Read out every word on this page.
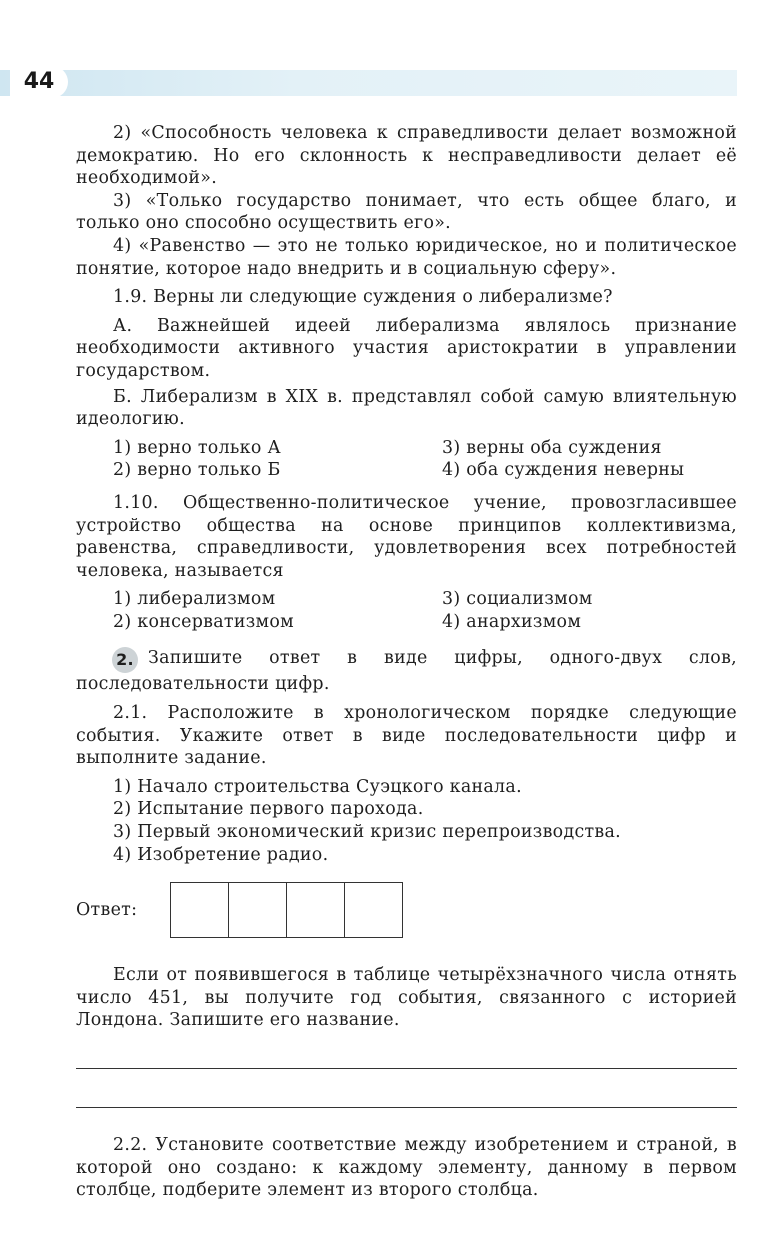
44

2) «Способность человека к справедливости делает возможной демократию. Но его склонность к несправедливости делает её необходимой».

3) «Только государство понимает, что есть общее благо, и только оно способно осуществить его».

4) «Равенство — это не только юридическое, но и политическое понятие, которое надо внедрить и в социальную сферу».

1.9. Верны ли следующие суждения о либерализме?

А. Важнейшей идеей либерализма являлось признание необходимости активного участия аристократии в управлении государством.

Б. Либерализм в XIX в. представлял собой самую влиятельную идеологию.

1) верно только А	3) верны оба суждения
2) верно только Б	4) оба суждения неверны

1.10. Общественно-политическое учение, провозгласившее устройство общества на основе принципов коллективизма, равенства, справедливости, удовлетворения всех потребностей человека, называется

1) либерализмом	3) социализмом
2) консерватизмом	4) анархизмом

2. Запишите ответ в виде цифры, одного-двух слов, последовательности цифр.

2.1. Расположите в хронологическом порядке следующие события. Укажите ответ в виде последовательности цифр и выполните задание.

1) Начало строительства Суэцкого канала.

2) Испытание первого парохода.

3) Первый экономический кризис перепроизводства.

4) Изобретение радио.

Ответ:

Если от появившегося в таблице четырёхзначного числа отнять число 451, вы получите год события, связанного с историей Лондона. Запишите его название.

2.2. Установите соответствие между изобретением и страной, в которой оно создано: к каждому элементу, данному в первом столбце, подберите элемент из второго столбца.
